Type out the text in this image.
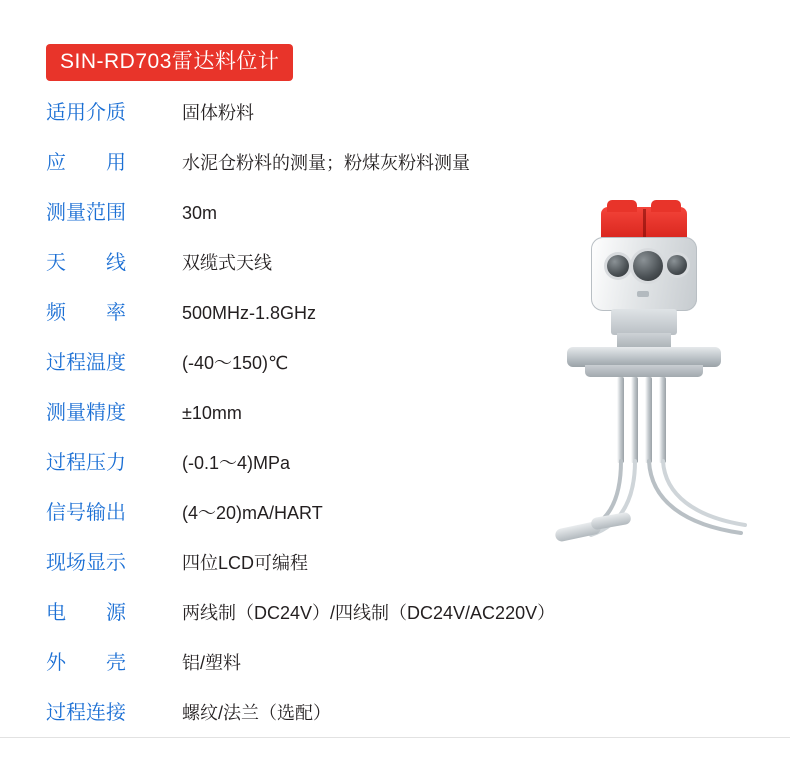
SIN-RD703雷达料位计
适用介质	固体粉料
应　　用	水泥仓粉料的测量；粉煤灰粉料测量
测量范围	30m
天　　线	双缆式天线
频　　率	500MHz-1.8GHz
过程温度	(-40～150)℃
测量精度	±10mm
过程压力	(-0.1～4)MPa
信号输出	(4～20)mA/HART
现场显示	四位LCD可编程
电　　源	两线制（DC24V）/四线制（DC24V/AC220V）
外　　壳	铝/塑料
过程连接	螺纹/法兰（选配）
